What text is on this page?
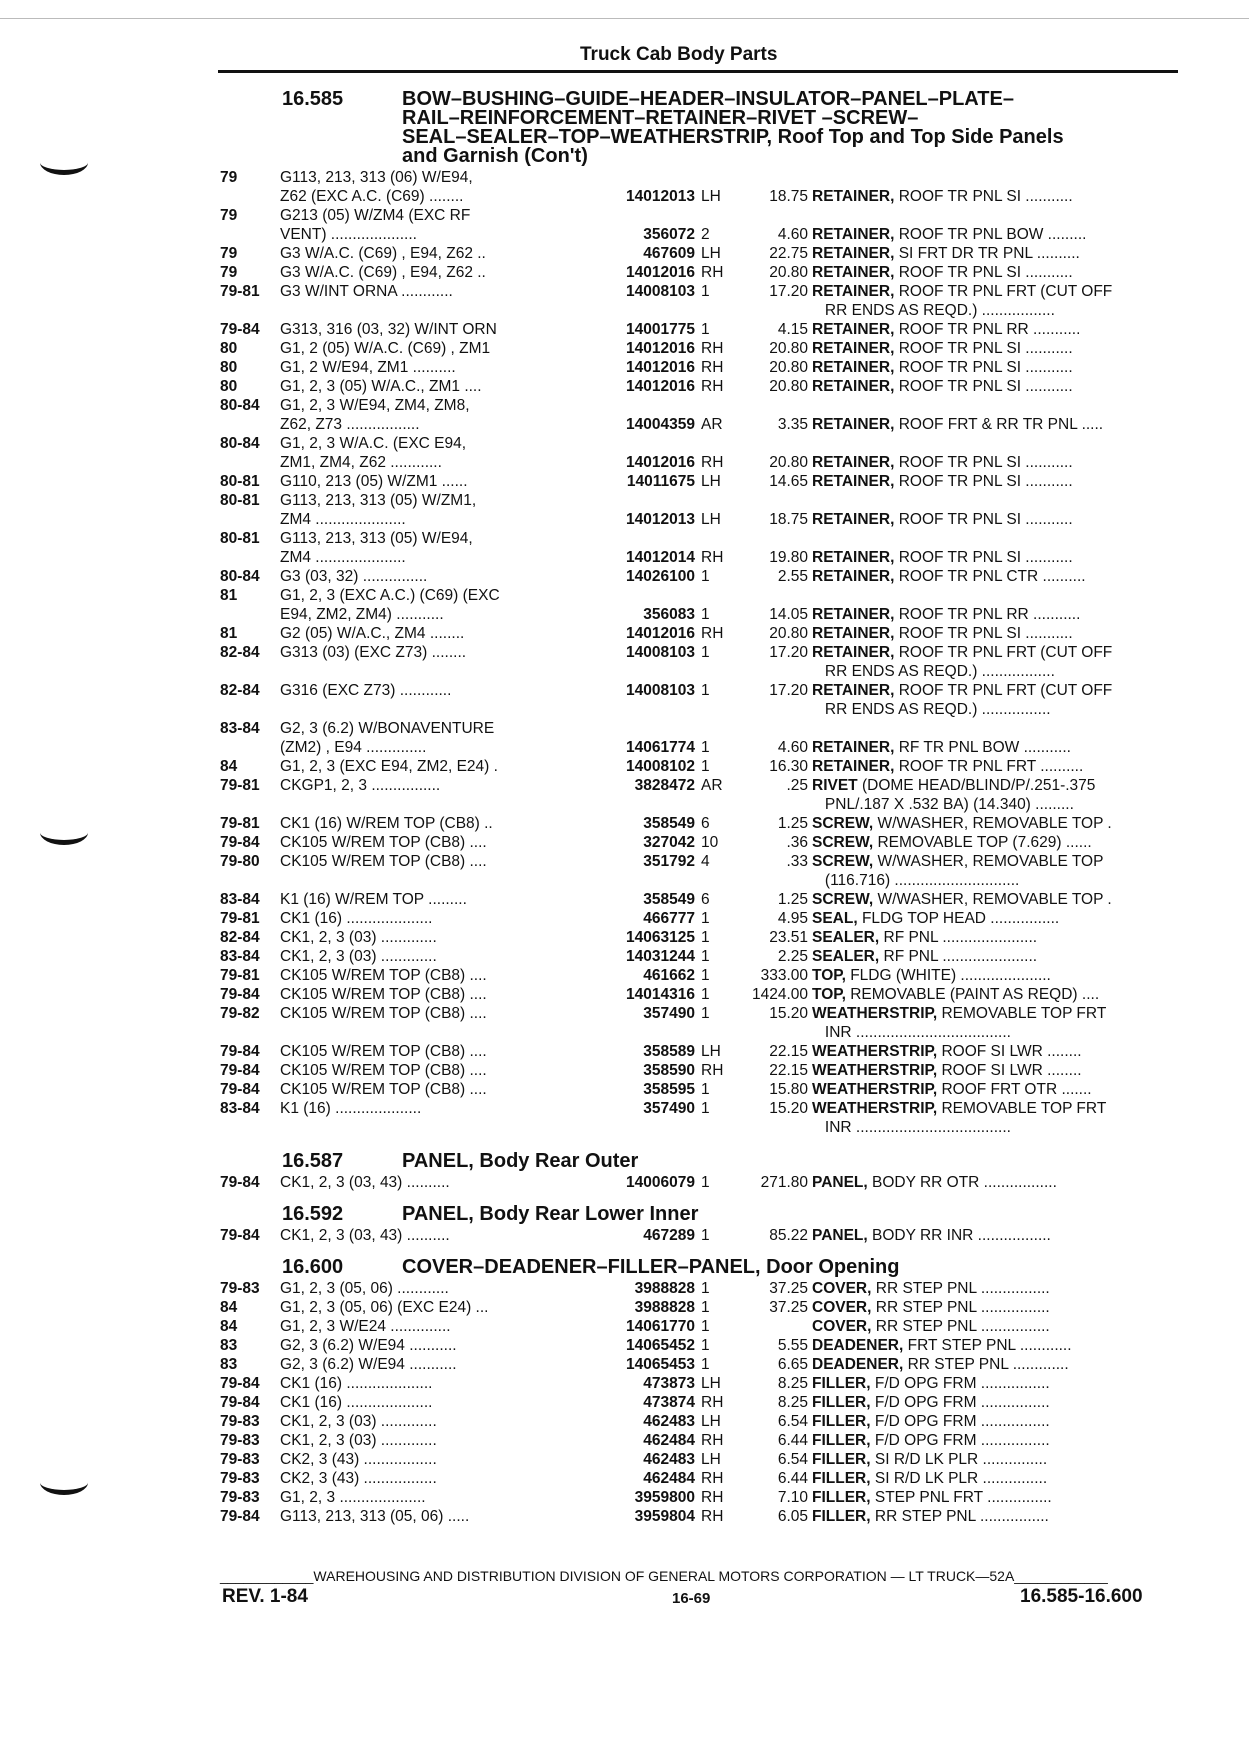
Truck Cab Body Parts
16.585	BOW–BUSHING–GUIDE–HEADER–INSULATOR–PANEL–PLATE–
RAIL–REINFORCEMENT–RETAINER–RIVET –SCREW–
SEAL–SEALER–TOP–WEATHERSTRIP, Roof Top and Top Side Panels
and Garnish (Con't)
79	G113, 213, 313 (06) W/E94,
Z62 (EXC A.C. (C69) ........	14012013 LH	18.75 RETAINER, ROOF TR PNL SI ...........
79	G213 (05) W/ZM4 (EXC RF
VENT) ....................	356072 2	4.60 RETAINER, ROOF TR PNL BOW .........
79	G3 W/A.C. (C69) , E94, Z62 ..	467609 LH	22.75 RETAINER, SI FRT DR TR PNL ..........
79	G3 W/A.C. (C69) , E94, Z62 ..	14012016 RH	20.80 RETAINER, ROOF TR PNL SI ...........
79-81	G3 W/INT ORNA ............	14008103 1	17.20 RETAINER, ROOF TR PNL FRT (CUT OFF
RR ENDS AS REQD.) .................
79-84	G313, 316 (03, 32) W/INT ORN	14001775 1	4.15 RETAINER, ROOF TR PNL RR ...........
80	G1, 2 (05) W/A.C. (C69) , ZM1	14012016 RH	20.80 RETAINER, ROOF TR PNL SI ...........
80	G1, 2 W/E94, ZM1 ..........	14012016 RH	20.80 RETAINER, ROOF TR PNL SI ...........
80	G1, 2, 3 (05) W/A.C., ZM1 ....	14012016 RH	20.80 RETAINER, ROOF TR PNL SI ...........
80-84	G1, 2, 3 W/E94, ZM4, ZM8,
Z62, Z73 .................	14004359 AR	3.35 RETAINER, ROOF FRT & RR TR PNL .....
80-84	G1, 2, 3 W/A.C. (EXC E94,
ZM1, ZM4, Z62 ............	14012016 RH	20.80 RETAINER, ROOF TR PNL SI ...........
80-81	G110, 213 (05) W/ZM1 ......	14011675 LH	14.65 RETAINER, ROOF TR PNL SI ...........
80-81	G113, 213, 313 (05) W/ZM1,
ZM4 .....................	14012013 LH	18.75 RETAINER, ROOF TR PNL SI ...........
80-81	G113, 213, 313 (05) W/E94,
ZM4 .....................	14012014 RH	19.80 RETAINER, ROOF TR PNL SI ...........
80-84	G3 (03, 32) ...............	14026100 1	2.55 RETAINER, ROOF TR PNL CTR ..........
81	G1, 2, 3 (EXC A.C.) (C69) (EXC
E94, ZM2, ZM4) ...........	356083 1	14.05 RETAINER, ROOF TR PNL RR ...........
81	G2 (05) W/A.C., ZM4 ........	14012016 RH	20.80 RETAINER, ROOF TR PNL SI ...........
82-84	G313 (03) (EXC Z73) ........	14008103 1	17.20 RETAINER, ROOF TR PNL FRT (CUT OFF
RR ENDS AS REQD.) .................
82-84	G316 (EXC Z73) ............	14008103 1	17.20 RETAINER, ROOF TR PNL FRT (CUT OFF
RR ENDS AS REQD.) ................
83-84	G2, 3 (6.2) W/BONAVENTURE
(ZM2) , E94 ..............	14061774 1	4.60 RETAINER, RF TR PNL BOW ...........
84	G1, 2, 3 (EXC E94, ZM2, E24) .	14008102 1	16.30 RETAINER, ROOF TR PNL FRT ..........
79-81	CKGP1, 2, 3 ................	3828472 AR	.25 RIVET (DOME HEAD/BLIND/P/.251-.375
PNL/.187 X .532 BA) (14.340) .........
79-81	CK1 (16) W/REM TOP (CB8) ..	358549 6	1.25 SCREW, W/WASHER, REMOVABLE TOP .
79-84	CK105 W/REM TOP (CB8) ....	327042 10	.36 SCREW, REMOVABLE TOP (7.629) ......
79-80	CK105 W/REM TOP (CB8) ....	351792 4	.33 SCREW, W/WASHER, REMOVABLE TOP
(116.716) .............................
83-84	K1 (16) W/REM TOP .........	358549 6	1.25 SCREW, W/WASHER, REMOVABLE TOP .
79-81	CK1 (16) ....................	466777 1	4.95 SEAL, FLDG TOP HEAD ................
82-84	CK1, 2, 3 (03) .............	14063125 1	23.51 SEALER, RF PNL ......................
83-84	CK1, 2, 3 (03) .............	14031244 1	2.25 SEALER, RF PNL ......................
79-81	CK105 W/REM TOP (CB8) ....	461662 1	333.00 TOP, FLDG (WHITE) .....................
79-84	CK105 W/REM TOP (CB8) ....	14014316 1	1424.00 TOP, REMOVABLE (PAINT AS REQD) ....
79-82	CK105 W/REM TOP (CB8) ....	357490 1	15.20 WEATHERSTRIP, REMOVABLE TOP FRT
INR ....................................
79-84	CK105 W/REM TOP (CB8) ....	358589 LH	22.15 WEATHERSTRIP, ROOF SI LWR ........
79-84	CK105 W/REM TOP (CB8) ....	358590 RH	22.15 WEATHERSTRIP, ROOF SI LWR ........
79-84	CK105 W/REM TOP (CB8) ....	358595 1	15.80 WEATHERSTRIP, ROOF FRT OTR .......
83-84	K1 (16) ....................	357490 1	15.20 WEATHERSTRIP, REMOVABLE TOP FRT
INR ....................................
16.587	PANEL, Body Rear Outer
79-84	CK1, 2, 3 (03, 43) ..........	14006079 1	271.80 PANEL, BODY RR OTR .................
16.592	PANEL, Body Rear Lower Inner
79-84	CK1, 2, 3 (03, 43) ..........	467289 1	85.22 PANEL, BODY RR INR .................
16.600	COVER–DEADENER–FILLER–PANEL, Door Opening
79-83	G1, 2, 3 (05, 06) ............	3988828 1	37.25 COVER, RR STEP PNL ................
84	G1, 2, 3 (05, 06) (EXC E24) ...	3988828 1	37.25 COVER, RR STEP PNL ................
84	G1, 2, 3 W/E24 ..............	14061770 1	COVER, RR STEP PNL ................
83	G2, 3 (6.2) W/E94 ...........	14065452 1	5.55 DEADENER, FRT STEP PNL ............
83	G2, 3 (6.2) W/E94 ...........	14065453 1	6.65 DEADENER, RR STEP PNL .............
79-84	CK1 (16) ....................	473873 LH	8.25 FILLER, F/D OPG FRM ................
79-84	CK1 (16) ....................	473874 RH	8.25 FILLER, F/D OPG FRM ................
79-83	CK1, 2, 3 (03) .............	462483 LH	6.54 FILLER, F/D OPG FRM ................
79-83	CK1, 2, 3 (03) .............	462484 RH	6.44 FILLER, F/D OPG FRM ................
79-83	CK2, 3 (43) .................	462483 LH	6.54 FILLER, SI R/D LK PLR ...............
79-83	CK2, 3 (43) .................	462484 RH	6.44 FILLER, SI R/D LK PLR ...............
79-83	G1, 2, 3 ....................	3959800 RH	7.10 FILLER, STEP PNL FRT ...............
79-84	G113, 213, 313 (05, 06) .....	3959804 RH	6.05 FILLER, RR STEP PNL ................
____________WAREHOUSING AND DISTRIBUTION DIVISION OF GENERAL MOTORS CORPORATION — LT TRUCK—52A____________
REV. 1-84	16-69	16.585-16.600
